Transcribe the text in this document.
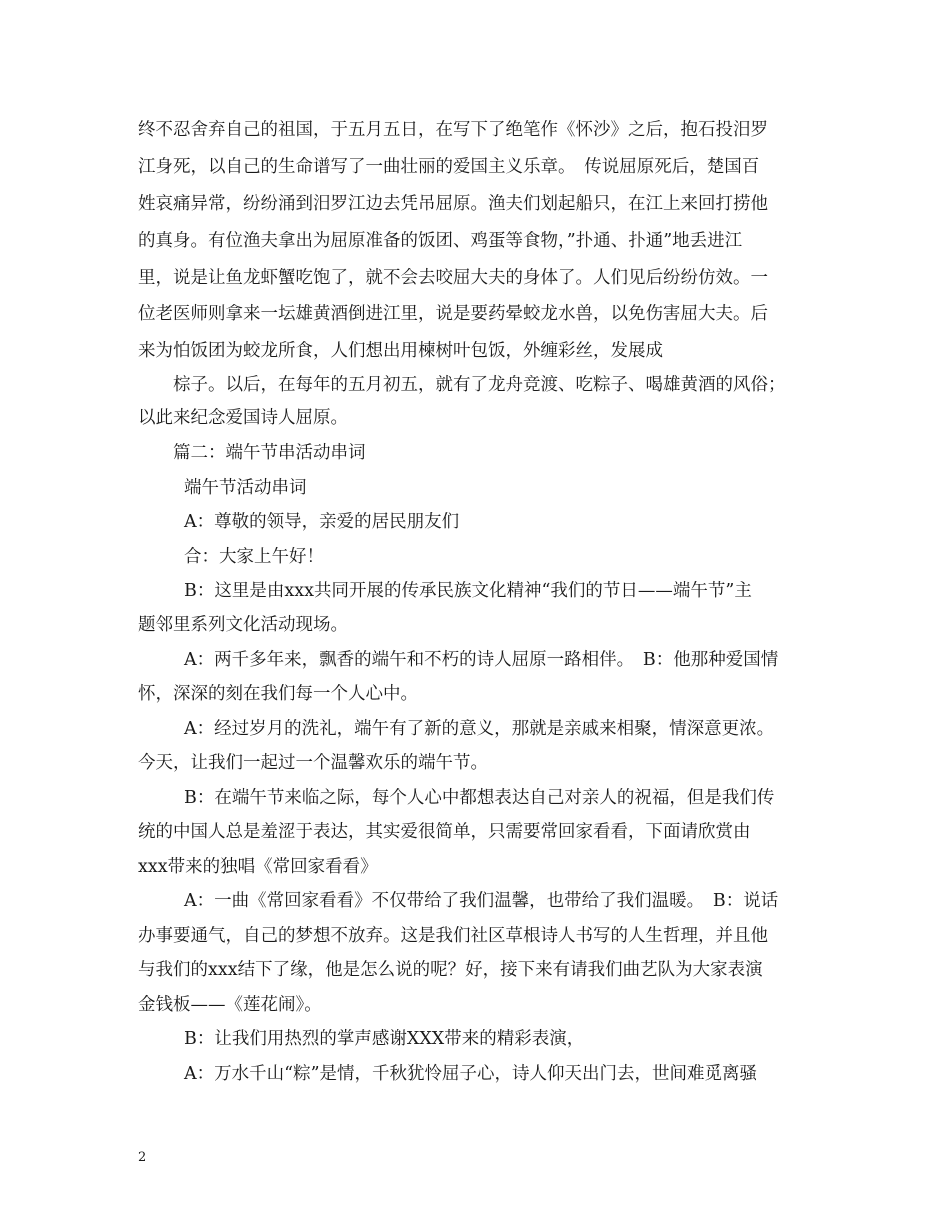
终不忍舍弃自己的祖国，于五月五日，在写下了绝笔作《怀沙》之后，抱石投汨罗
江身死，以自己的生命谱写了一曲壮丽的爱国主义乐章。　传说屈原死后，楚国百
姓哀痛异常，纷纷涌到汨罗江边去凭吊屈原。渔夫们划起船只，在江上来回打捞他
的真身。有位渔夫拿出为屈原准备的饭团、鸡蛋等食物，”扑通、扑通”地丢进江
里，说是让鱼龙虾蟹吃饱了，就不会去咬屈大夫的身体了。人们见后纷纷仿效。一
位老医师则拿来一坛雄黄酒倒进江里，说是要药晕蛟龙水兽，以免伤害屈大夫。后
来为怕饭团为蛟龙所食，人们想出用楝树叶包饭，外缠彩丝，发展成
棕子。以后，在每年的五月初五，就有了龙舟竞渡、吃粽子、喝雄黄酒的风俗；
以此来纪念爱国诗人屈原。
篇二：端午节串活动串词
端午节活动串词
A：尊敬的领导，亲爱的居民朋友们
合：大家上午好！
B：这里是由xxx共同开展的传承民族文化精神“我们的节日——端午节”主
题邻里系列文化活动现场。
A：两千多年来，飘香的端午和不朽的诗人屈原一路相伴。　B：他那种爱国情
怀，深深的刻在我们每一个人心中。
A：经过岁月的洗礼，端午有了新的意义，那就是亲戚来相聚，情深意更浓。
今天，让我们一起过一个温馨欢乐的端午节。
B：在端午节来临之际，每个人心中都想表达自己对亲人的祝福，但是我们传
统的中国人总是羞涩于表达，其实爱很简单，只需要常回家看看，下面请欣赏由
xxx带来的独唱《常回家看看》
A：一曲《常回家看看》不仅带给了我们温馨，也带给了我们温暖。　B：说话
办事要通气，自己的梦想不放弃。这是我们社区草根诗人书写的人生哲理，并且他
与我们的xxx结下了缘，他是怎么说的呢？好，接下来有请我们曲艺队为大家表演
金钱板——《莲花闹》。
B：让我们用热烈的掌声感谢XXX带来的精彩表演，
A：万水千山“粽”是情，千秋犹怜屈子心，诗人仰天出门去，世间难觅离骚
2
